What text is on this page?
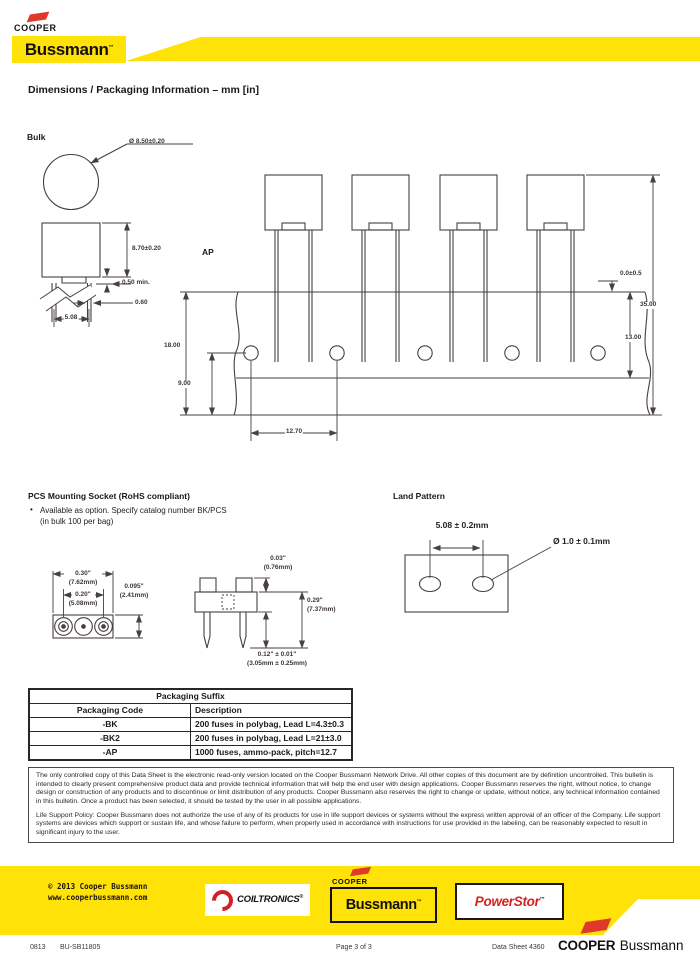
COOPER
Bussmann™
Dimensions / Packaging Information – mm [in]
Bulk	Ø 8.50±0.20
8.70±0.20
0.50 min.
0.60
5.08
AP
0.0±0.5
35.00
13.00
18.00
9.00
12.70
PCS Mounting Socket (RoHS compliant)
• Available as option. Specify catalog number BK/PCS
(in bulk 100 per bag)
0.30"
(7.62mm)
0.20"
(5.08mm)
0.095"
(2.41mm)
0.03"
(0.76mm)
0.29"
(7.37mm)
0.12" ± 0.01"
(3.05mm ± 0.25mm)
Land Pattern
5.08 ± 0.2mm
Ø 1.0 ± 0.1mm
Packaging Suffix	
Packaging Code	Description
-BK	200 fuses in polybag, Lead L=4.3±0.3
-BK2	200 fuses in polybag, Lead L=21±3.0
-AP	1000 fuses, ammo-pack, pitch=12.7

The only controlled copy of this Data Sheet is the electronic read-only version located on the Cooper Bussmann Network Drive. All other copies of this document are by definition uncontrolled. This bulletin is intended to clearly present comprehensive product data and provide technical information that will help the end user with design applications. Cooper Bussmann reserves the right, without notice, to change design or construction of any products and to discontinue or limit distribution of any products. Cooper Bussmann also reserves the right to change or update, without notice, any technical information contained in this bulletin. Once a product has been selected, it should be tested by the user in all possible applications.

Life Support Policy: Cooper Bussmann does not authorize the use of any of its products for use in life support devices or systems without the express written approval of an officer of the Company. Life support systems are devices which support or sustain life, and whose failure to perform, when properly used in accordance with instructions for use provided in the labeling, can be reasonably expected to result in significant injury to the user.

© 2013 Cooper Bussmann
www.cooperbussmann.com	COILTRONICS®
COOPER
Bussmann™	PowerStor™
COOPER Bussmann
0813 BU-SB11805	Page 3 of 3	Data Sheet 4360
